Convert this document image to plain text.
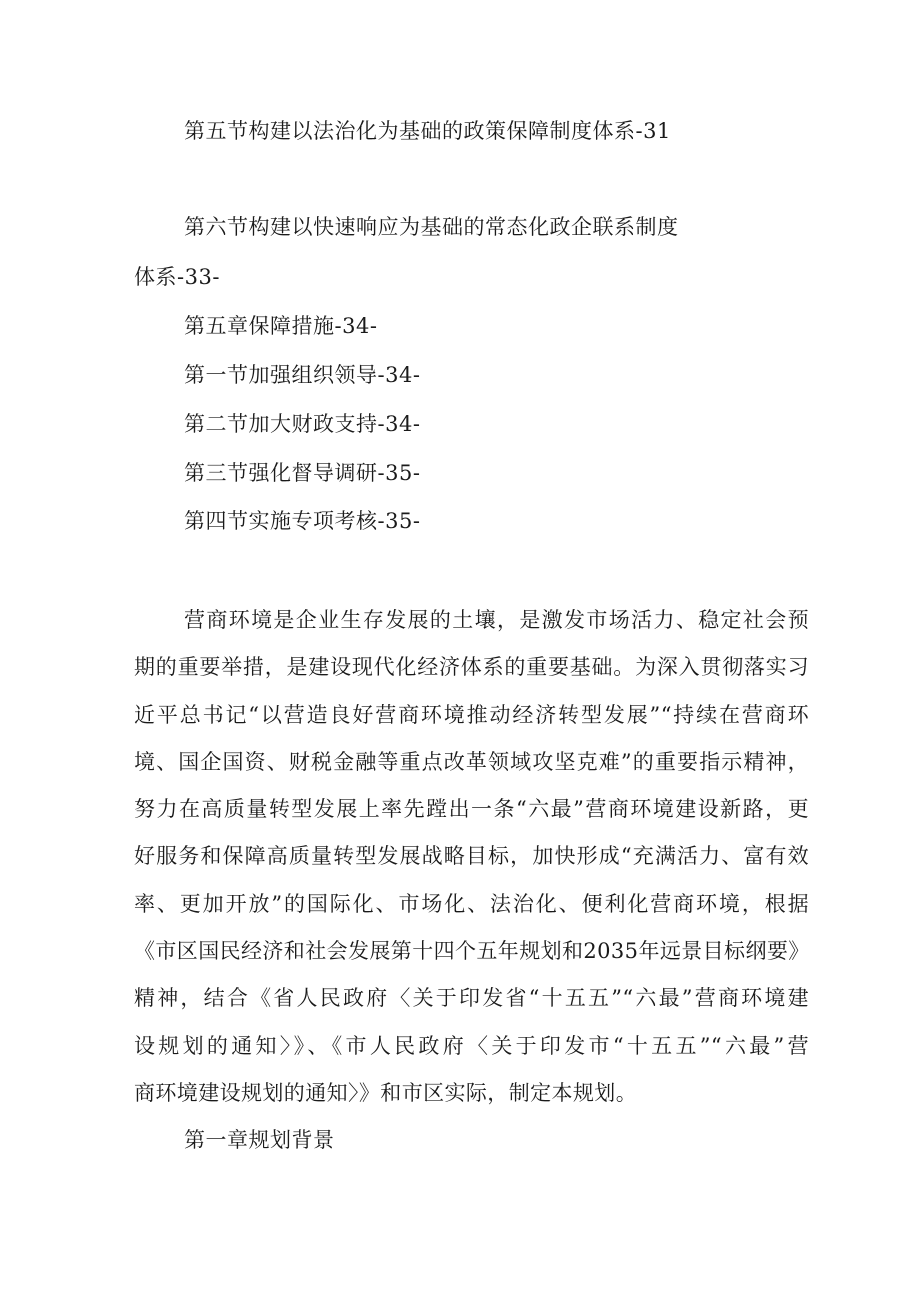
第五节构建以法治化为基础的政策保障制度体系-31
第六节构建以快速响应为基础的常态化政企联系制度
体系-33-
第五章保障措施-34-
第一节加强组织领导-34-
第二节加大财政支持-34-
第三节强化督导调研-35-
第四节实施专项考核-35-
营商环境是企业生存发展的土壤，是激发市场活力、稳定社会预
期的重要举措，是建设现代化经济体系的重要基础。为深入贯彻落实习
近平总书记“以营造良好营商环境推动经济转型发展”“持续在营商环
境、国企国资、财税金融等重点改革领域攻坚克难”的重要指示精神，
努力在高质量转型发展上率先蹚出一条“六最”营商环境建设新路，更
好服务和保障高质量转型发展战略目标，加快形成“充满活力、富有效
率、更加开放”的国际化、市场化、法治化、便利化营商环境，根据
《市区国民经济和社会发展第十四个五年规划和2035年远景目标纲要》
精神，结合《省人民政府〈关于印发省“十五五”“六最”营商环境建
设规划的通知〉》、《市人民政府〈关于印发市“十五五”“六最”营
商环境建设规划的通知〉》和市区实际，制定本规划。
第一章规划背景
